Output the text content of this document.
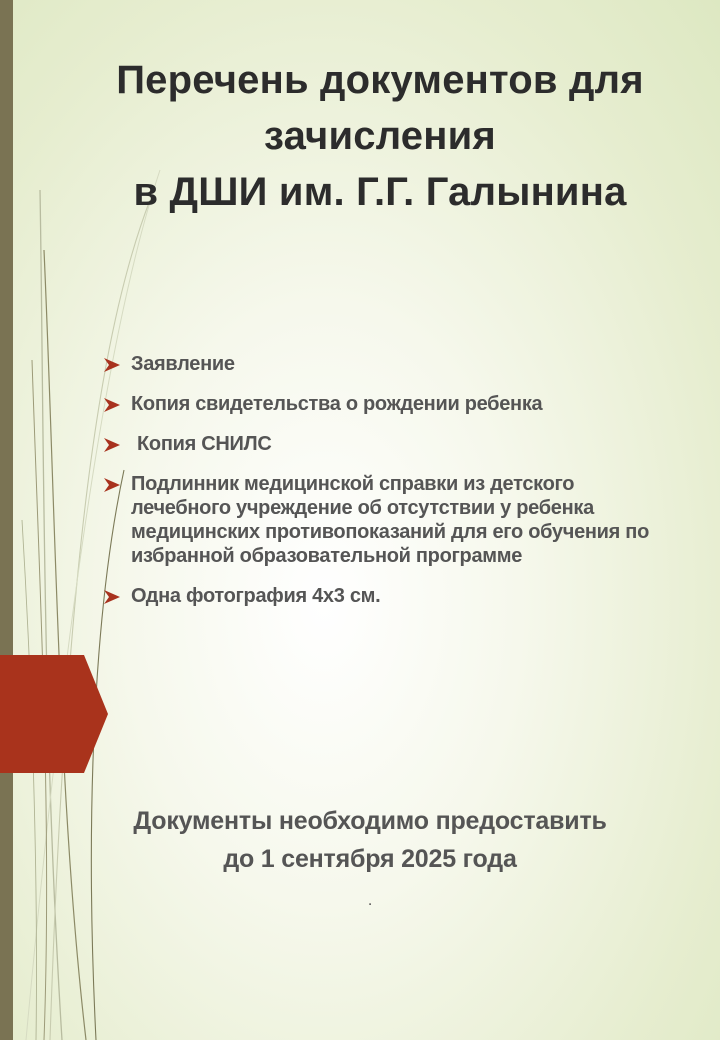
Перечень документов для
зачисления
в ДШИ им. Г.Г. Галынина
Заявление
Копия свидетельства о рождении ребенка
Копия СНИЛС
Подлинник медицинской справки из детского лечебного учреждение об отсутствии у ребенка медицинских противопоказаний для его обучения по избранной образовательной программе
Одна фотография 4х3 см.
Документы необходимо предоставить
до 1 сентября 2025 года
.
